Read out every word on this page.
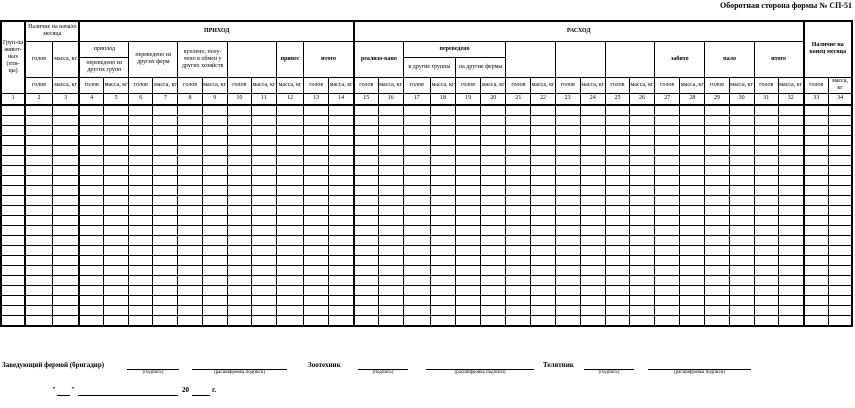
Оборотная сторона формы № СП-51
Груп-па живот-ных (пти-цы)	Наличие на начало месяца		ПРИХОД											РАСХОД																		Наличие на конец месяца	
	голов	масса, кг	приплод		переведено из других ферм		куплено, полу-чено в обмен у других хозяйств				привес	итого		реализо-вано		переведено										забито		пало		итого			
			переведено из других групп													в другие группы		на другие фермы															
	голов	масса, кг	голов	масса, кг	голов	масса, кг	голов	масса, кг	голов	масса, кг	масса, кг	голов	масса, кг	голов	масса, кг	голов	масса, кг	голов	масса, кг	голов	масса, кг	голов	масса, кг	голов	масса, кг	голов	масса, кг	голов	масса, кг	голов	масса, кг	голов	масса, кг
1	2	3	4	5	6	7	8	9	10	11	12	13	14	15	16	17	18	19	20	21	22	23	24	25	26	27	28	29	30	31	32	33	34

Заведующий фермой (бригадир)
(подпись)	(расшифровка подписи)
Зоотехник
(подпись)	(расшифровка подписи)
Телятник
(подпись)	(расшифровка подписи)
" "	20	г.
